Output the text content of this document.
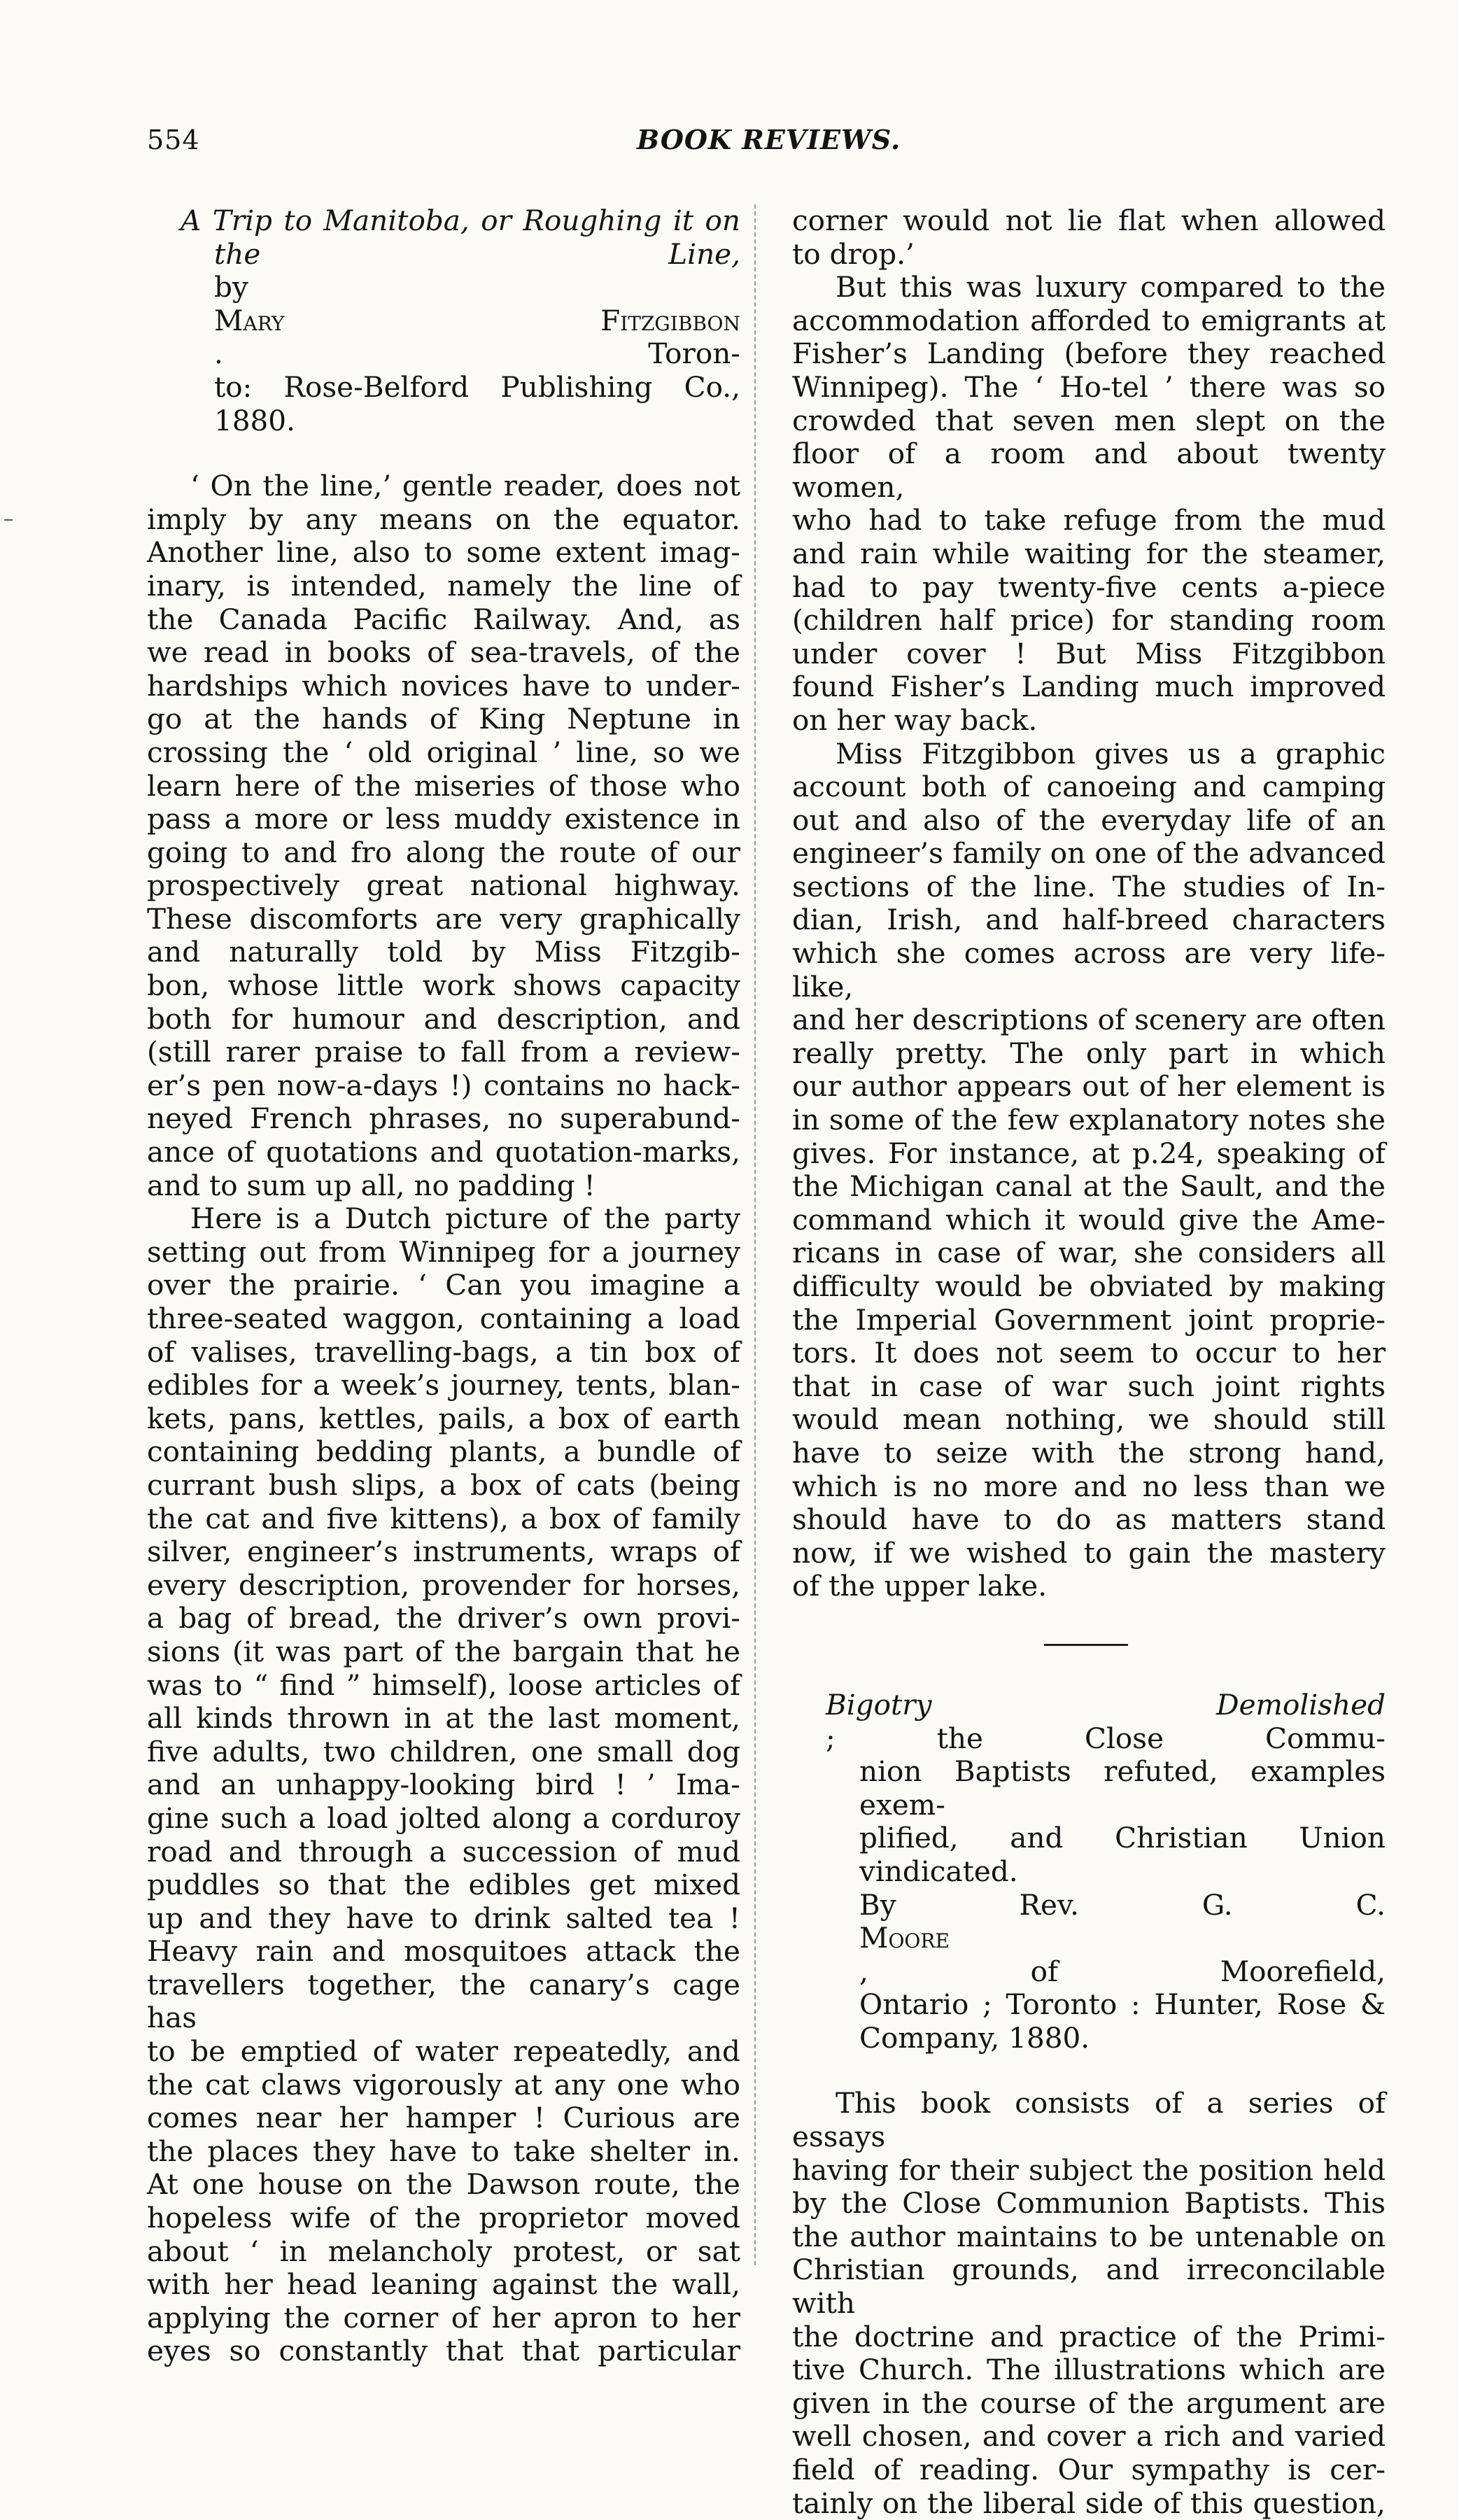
554	BOOK REVIEWS.
A Trip to Manitoba, or Roughing it on
the Line,
by
Mary Fitzgibbon
. Toron-
to: Rose-Belford Publishing Co., 1880.

‘ On the line,’ gentle reader, does not
imply by any means on the equator.
Another line, also to some extent imag-
inary, is intended, namely the line of
the Canada Pacific Railway. And, as
we read in books of sea-travels, of the
hardships which novices have to under-
go at the hands of King Neptune in
crossing the ‘ old original ’ line, so we
learn here of the miseries of those who
pass a more or less muddy existence in
going to and fro along the route of our
prospectively great national highway.
These discomforts are very graphically
and naturally told by Miss Fitzgib-
bon, whose little work shows capacity
both for humour and description, and
(still rarer praise to fall from a review-
er’s pen now-a-days !) contains no hack-
neyed French phrases, no superabund-
ance of quotations and quotation-marks,
and to sum up all, no padding !

Here is a Dutch picture of the party
setting out from Winnipeg for a journey
over the prairie. ‘ Can you imagine a
three-seated waggon, containing a load
of valises, travelling-bags, a tin box of
edibles for a week’s journey, tents, blan-
kets, pans, kettles, pails, a box of earth
containing bedding plants, a bundle of
currant bush slips, a box of cats (being
the cat and five kittens), a box of family
silver, engineer’s instruments, wraps of
every description, provender for horses,
a bag of bread, the driver’s own provi-
sions (it was part of the bargain that he
was to “ find ” himself), loose articles of
all kinds thrown in at the last moment,
five adults, two children, one small dog
and an unhappy-looking bird ! ’ Ima-
gine such a load jolted along a corduroy
road and through a succession of mud
puddles so that the edibles get mixed
up and they have to drink salted tea !
Heavy rain and mosquitoes attack the
travellers together, the canary’s cage has
to be emptied of water repeatedly, and
the cat claws vigorously at any one who
comes near her hamper ! Curious are
the places they have to take shelter in.
At one house on the Dawson route, the
hopeless wife of the proprietor moved
about ‘ in melancholy protest, or sat
with her head leaning against the wall,
applying the corner of her apron to her
eyes so constantly that that particular

corner would not lie flat when allowed
to drop.’

But this was luxury compared to the
accommodation afforded to emigrants at
Fisher’s Landing (before they reached
Winnipeg). The ‘ Ho-tel ’ there was so
crowded that seven men slept on the
floor of a room and about twenty women,
who had to take refuge from the mud
and rain while waiting for the steamer,
had to pay twenty-five cents a-piece
(children half price) for standing room
under cover ! But Miss Fitzgibbon
found Fisher’s Landing much improved
on her way back.

Miss Fitzgibbon gives us a graphic
account both of canoeing and camping
out and also of the everyday life of an
engineer’s family on one of the advanced
sections of the line. The studies of In-
dian, Irish, and half-breed characters
which she comes across are very life-like,
and her descriptions of scenery are often
really pretty. The only part in which
our author appears out of her element is
in some of the few explanatory notes she
gives. For instance, at p.24, speaking of
the Michigan canal at the Sault, and the
command which it would give the Ame-
ricans in case of war, she considers all
difficulty would be obviated by making
the Imperial Government joint proprie-
tors. It does not seem to occur to her
that in case of war such joint rights
would mean nothing, we should still
have to seize with the strong hand,
which is no more and no less than we
should have to do as matters stand
now, if we wished to gain the mastery
of the upper lake.

Bigotry Demolished
; the Close Commu-
nion Baptists refuted, examples exem-
plified, and Christian Union vindicated.
By Rev. G. C.
Moore
, of Moorefield,
Ontario ; Toronto : Hunter, Rose &
Company, 1880.

This book consists of a series of essays
having for their subject the position held
by the Close Communion Baptists. This
the author maintains to be untenable on
Christian grounds, and irreconcilable with
the doctrine and practice of the Primi-
tive Church. The illustrations which are
given in the course of the argument are
well chosen, and cover a rich and varied
field of reading. Our sympathy is cer-
tainly on the liberal side of this question,
